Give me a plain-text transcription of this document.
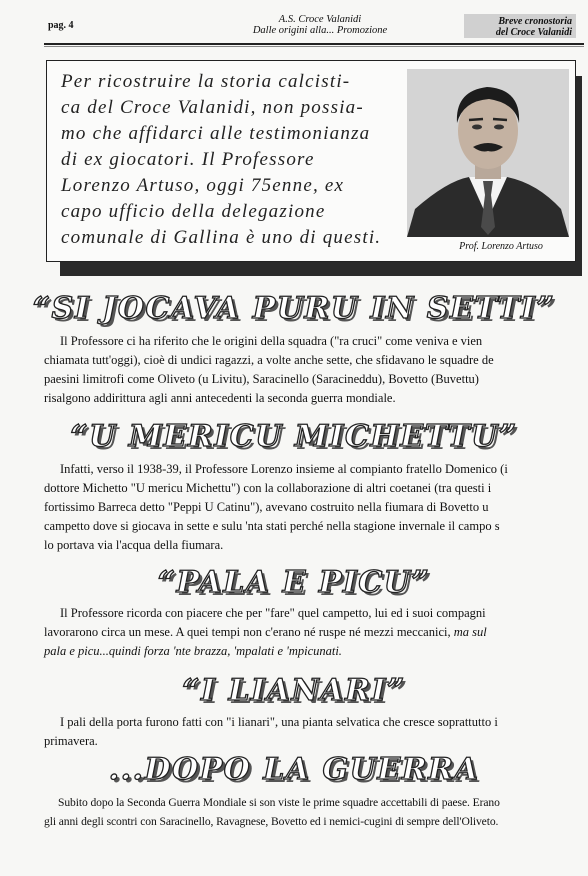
pag. 4
A.S. Croce Valanidi
Dalle origini alla... Promozione
Breve cronostoria
del Croce Valanidi
Per ricostruire la storia calcisti-
ca del Croce Valanidi, non possia-
mo che affidarci alle testimonianza
di ex giocatori. Il Professore
Lorenzo Artuso, oggi 75enne, ex
capo ufficio della delegazione
comunale di Gallina è uno di questi.	Prof. Lorenzo Artuso
“SI JOCAVA PURU IN SETTI”
Il Professore ci ha riferito che le origini della squadra ("ra cruci" come veniva e vien
chiamata tutt'oggi), cioè di undici ragazzi, a volte anche sette, che sfidavano le squadre de
paesini limitrofi come Oliveto (u Livitu), Saracinello (Saracineddu), Bovetto (Buvettu)
risalgono addirittura agli anni antecedenti la seconda guerra mondiale.
“U MERICU MICHETTU”
Infatti, verso il 1938-39, il Professore Lorenzo insieme al compianto fratello Domenico (i
dottore Michetto "U mericu Michettu") con la collaborazione di altri coetanei (tra questi i
fortissimo Barreca detto "Peppi U Catinu"), avevano costruito nella fiumara di Bovetto u
campetto dove si giocava in sette e sulu 'nta stati perché nella stagione invernale il campo s
lo portava via l'acqua della fiumara.
“PALA E PICU”
Il Professore ricorda con piacere che per "fare" quel campetto, lui ed i suoi compagni
lavorarono circa un mese. A quei tempi non c'erano né ruspe né mezzi meccanici, ma sul
pala e picu...quindi forza 'nte brazza, 'mpalati e 'mpicunati.
“I LIANARI”
I pali della porta furono fatti con "i lianari", una pianta selvatica che cresce soprattutto i
primavera.
...DOPO LA GUERRA
Subito dopo la Seconda Guerra Mondiale si son viste le prime squadre accettabili di paese. Erano
gli anni degli scontri con Saracinello, Ravagnese, Bovetto ed i nemici-cugini di sempre dell'Oliveto.
